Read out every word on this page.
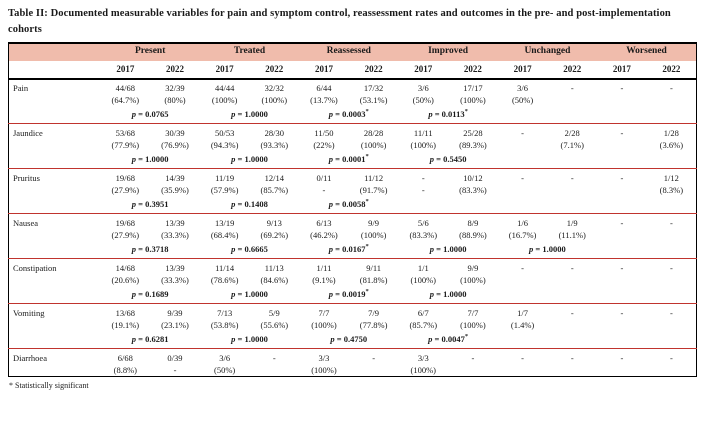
Table II: Documented measurable variables for pain and symptom control, reassessment rates and outcomes in the pre- and post-implementation cohorts
	Present		Treated		Reassessed		Improved		Unchanged		Worsened	
	2017	2022	2017	2022	2017	2022	2017	2022	2017	2022	2017	2022
Pain	44/68	32/39	44/44	32/32	6/44	17/32	3/6	17/17	3/6	-	-	-
	(64.7%)	(80%)	(100%)	(100%)	(13.7%)	(53.1%)	(50%)	(100%)	(50%)			
	p = 0.0765		p = 1.0000		p = 0.0003*		p = 0.0113*		
Jaundice	53/68	30/39	50/53	28/30	11/50	28/28	11/11	25/28	-	2/28	-	1/28
	(77.9%)	(76.9%)	(94.3%)	(93.3%)	(22%)	(100%)	(100%)	(89.3%)		(7.1%)		(3.6%)
	p = 1.0000		p = 1.0000		p = 0.0001*		p = 0.5450					
Pruritus	19/68	14/39	11/19	12/14	0/11	11/12	-	10/12	-	-	-	1/12
	(27.9%)	(35.9%)	(57.9%)	(85.7%)	-	(91.7%)	-	(83.3%)				(8.3%)
	p = 0.3951		p = 0.1408		p = 0.0058*			
Nausea	19/68	13/39	13/19	9/13	6/13	9/9	5/6	8/9	1/6	1/9	-	-
	(27.9%)	(33.3%)	(68.4%)	(69.2%)	(46.2%)	(100%)	(83.3%)	(88.9%)	(16.7%)	(11.1%)		
	p = 0.3718		p = 0.6665		p = 0.0167*		p = 1.0000		p = 1.0000			
Constipation	14/68	13/39	11/14	11/13	1/11	9/11	1/1	9/9	-	-	-	-
	(20.6%)	(33.3%)	(78.6%)	(84.6%)	(9.1%)	(81.8%)	(100%)	(100%)				
	p = 0.1689		p = 1.0000		p = 0.0019*		p = 1.0000					
Vomiting	13/68	9/39	7/13	5/9	7/7	7/9	6/7	7/7	1/7	-	-	-
	(19.1%)	(23.1%)	(53.8%)	(55.6%)	(100%)	(77.8%)	(85.7%)	(100%)	(1.4%)			
	p = 0.6281		p = 1.0000		p = 0.4750		p = 0.0047*		
Diarrhoea	6/68	0/39	3/6	-	3/3	-	3/3	-	-	-	-	-
	(8.8%)	-	(50%)		(100%)		(100%)					
* Statistically significant
